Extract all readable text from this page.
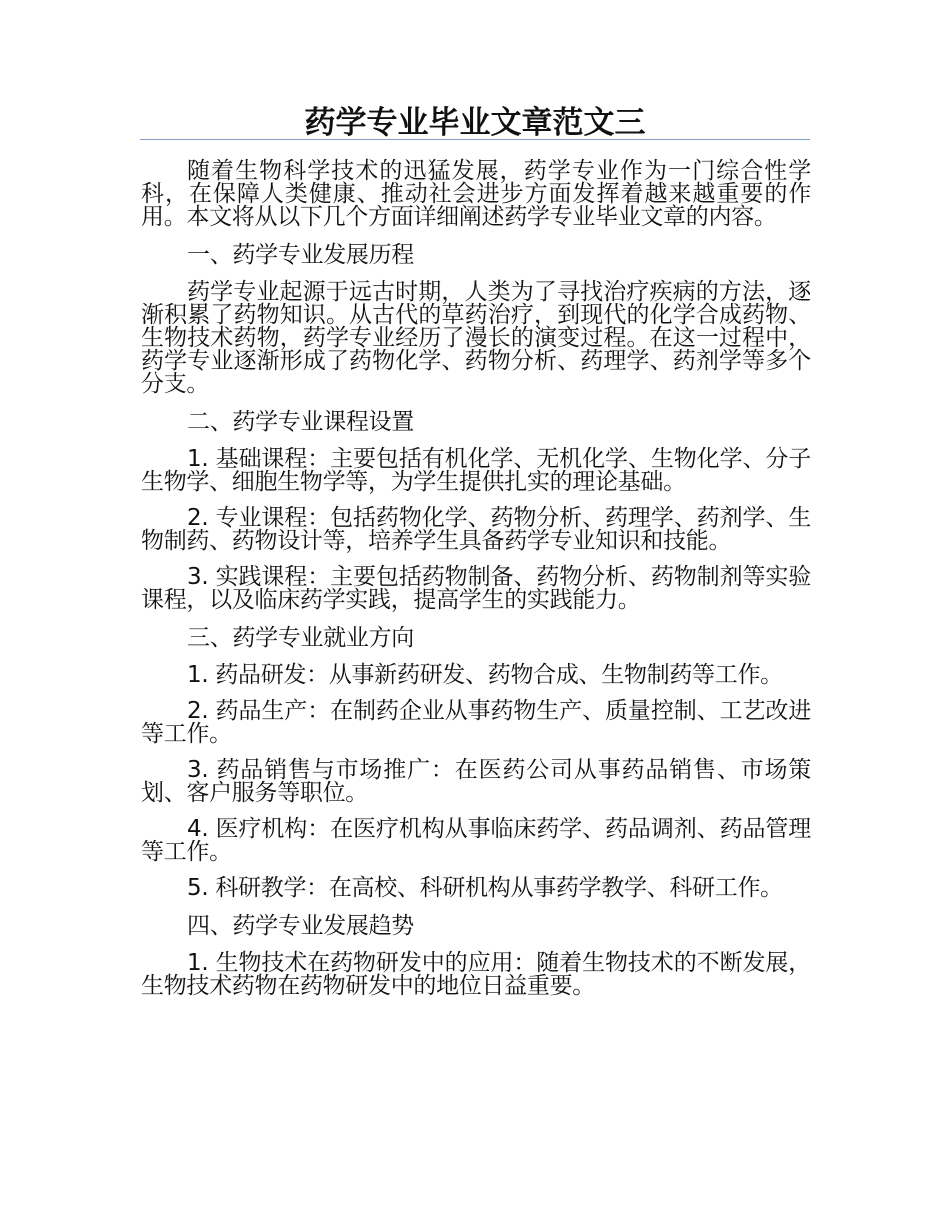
药学专业毕业文章范文三

随着生物科学技术的迅猛发展，药学专业作为一门综合性学科，在保障人类健康、推动社会进步方面发挥着越来越重要的作用。本文将从以下几个方面详细阐述药学专业毕业文章的内容。

一、药学专业发展历程

药学专业起源于远古时期，人类为了寻找治疗疾病的方法，逐渐积累了药物知识。从古代的草药治疗，到现代的化学合成药物、生物技术药物，药学专业经历了漫长的演变过程。在这一过程中，药学专业逐渐形成了药物化学、药物分析、药理学、药剂学等多个分支。

二、药学专业课程设置

1. 基础课程：主要包括有机化学、无机化学、生物化学、分子生物学、细胞生物学等，为学生提供扎实的理论基础。

2. 专业课程：包括药物化学、药物分析、药理学、药剂学、生物制药、药物设计等，培养学生具备药学专业知识和技能。

3. 实践课程：主要包括药物制备、药物分析、药物制剂等实验课程，以及临床药学实践，提高学生的实践能力。

三、药学专业就业方向

1. 药品研发：从事新药研发、药物合成、生物制药等工作。

2. 药品生产：在制药企业从事药物生产、质量控制、工艺改进等工作。

3. 药品销售与市场推广：在医药公司从事药品销售、市场策划、客户服务等职位。

4. 医疗机构：在医疗机构从事临床药学、药品调剂、药品管理等工作。

5. 科研教学：在高校、科研机构从事药学教学、科研工作。

四、药学专业发展趋势

1. 生物技术在药物研发中的应用：随着生物技术的不断发展，生物技术药物在药物研发中的地位日益重要。
